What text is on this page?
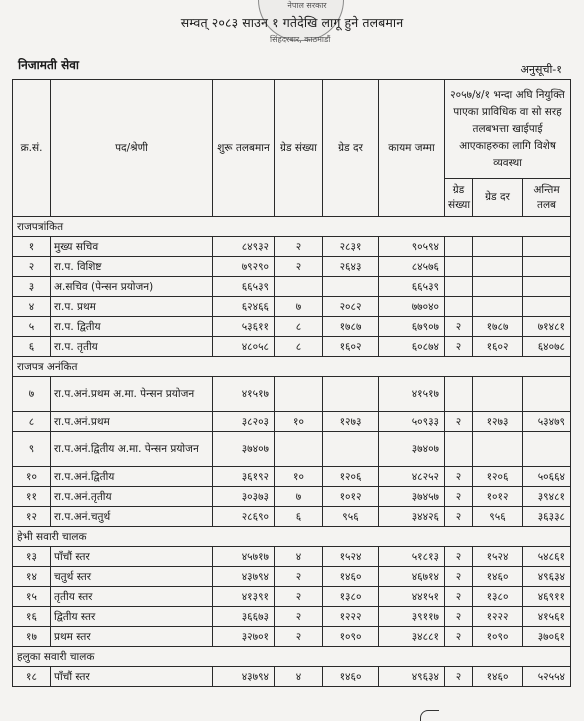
नेपाल सरकार
सिंहदरबार, काठमाडौं
सम्वत् २०८३ साउन १ गतेदेखि लागू हुने तलबमान
निजामती सेवा	अनुसूची-१
क्र.सं.	पद/श्रेणी	शुरू तलबमान	ग्रेड संख्या	ग्रेड दर	कायम जम्मा	२०५७/४/१ भन्दा अघि नियुक्ति पाएका प्राविधिक वा सो सरह तलबभत्ता खाईपाई आएकाहरुका लागि विशेष व्यवस्था		
						ग्रेड संख्या	ग्रेड दर	अन्तिम तलब
राजपत्रांकित								
१	मुख्य सचिव	८४९३२	२	२८३१	९०५९४			
२	रा.प. विशिष्ट	७९२९०	२	२६४३	८४५७६			
३	अ.सचिव (पेन्सन प्रयोजन)	६६५३९			६६५३९			
४	रा.प. प्रथम	६२४६६	७	२०८२	७७०४०			
५	रा.प. द्वितीय	५३६११	८	१७८७	६७९०७	२	१७८७	७१४८१
६	रा.प. तृतीय	४८०५८	८	१६०२	६०८७४	२	१६०२	६४०७८
राजपत्र अनंकित								
७	रा.प.अनं.प्रथम अ.मा. पेन्सन प्रयोजन	४१५१७			४१५१७			
८	रा.प.अनं.प्रथम	३८२०३	१०	१२७३	५०९३३	२	१२७३	५३४७९
९	रा.प.अनं.द्वितीय अ.मा. पेन्सन प्रयोजन	३७४०७			३७४०७			
१०	रा.प.अनं.द्वितीय	३६१९२	१०	१२०६	४८२५२	२	१२०६	५०६६४
११	रा.प.अनं.तृतीय	३०३७३	७	१०१२	३७४५७	२	१०१२	३९४८१
१२	रा.प.अनं.चतुर्थ	२८६९०	६	९५६	३४४२६	२	९५६	३६३३८
हेभी सवारी चालक								
१३	पाँचौं स्तर	४५७१७	४	१५२४	५१८१३	२	१५२४	५४८६१
१४	चतुर्थ स्तर	४३७९४	२	१४६०	४६७१४	२	१४६०	४९६३४
१५	तृतीय स्तर	४१३९१	२	१३८०	४४१५१	२	१३८०	४६९११
१६	द्वितीय स्तर	३६६७३	२	१२२२	३९११७	२	१२२२	४१५६१
१७	प्रथम स्तर	३२७०१	२	१०९०	३४८८१	२	१०९०	३७०६१
हलुका सवारी चालक								
१८	पाँचौं स्तर	४३७९४	४	१४६०	४९६३४	२	१४६०	५२५५४
